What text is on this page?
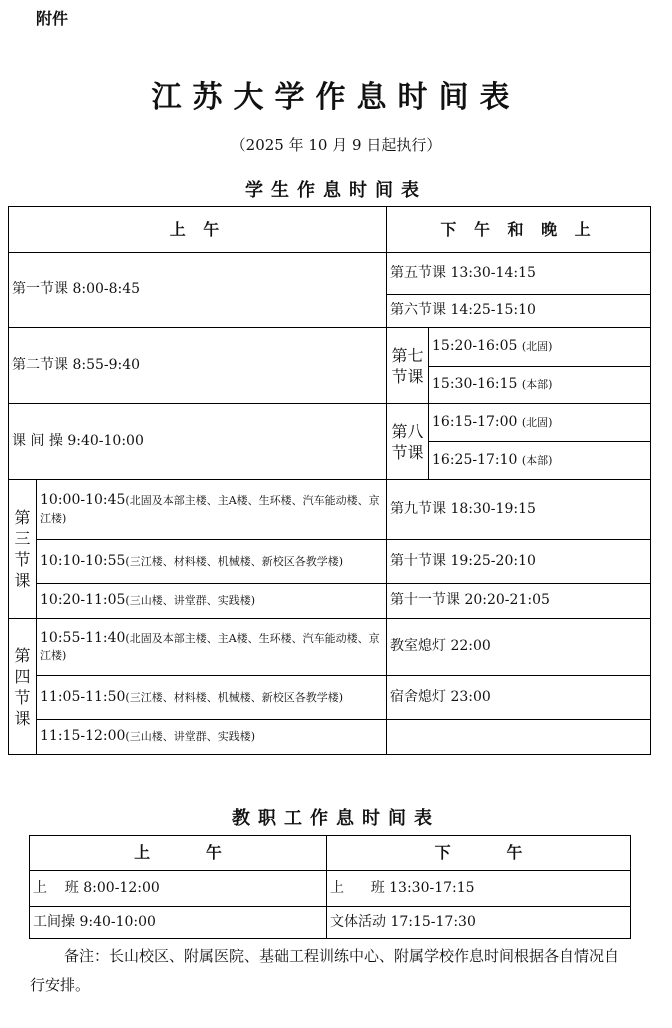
附件
江苏大学作息时间表
（2025 年 10 月 9 日起执行）
学生作息时间表
上 午		下 午 和 晚 上	
第一节课 8:00-8:45		第五节课 13:30-14:15	
		第六节课 14:25-15:10	
第二节课 8:55-9:40		第七节课	15:20-16:05 (北固)
			15:30-16:15 (本部)
课 间 操 9:40-10:00		第八节课	16:15-17:00 (北固)
			16:25-17:10 (本部)
第三节课	10:00-10:45(北固及本部主楼、主A楼、生环楼、汽车能动楼、京江楼)	第九节课 18:30-19:15	
	10:10-10:55(三江楼、材料楼、机械楼、新校区各教学楼)	第十节课 19:25-20:10	
	10:20-11:05(三山楼、讲堂群、实践楼)	第十一节课 20:20-21:05	
第四节课	10:55-11:40(北固及本部主楼、主A楼、生环楼、汽车能动楼、京江楼)	教室熄灯 22:00	
	11:05-11:50(三江楼、材料楼、机械楼、新校区各教学楼)	宿舍熄灯 23:00	
	11:15-12:00(三山楼、讲堂群、实践楼)		
教职工作息时间表
上          午	下          午
上    班 8:00-12:00	上      班 13:30-17:15
工间操 9:40-10:00	文体活动 17:15-17:30
备注：长山校区、附属医院、基础工程训练中心、附属学校作息时间根据各自情况自行安排。
